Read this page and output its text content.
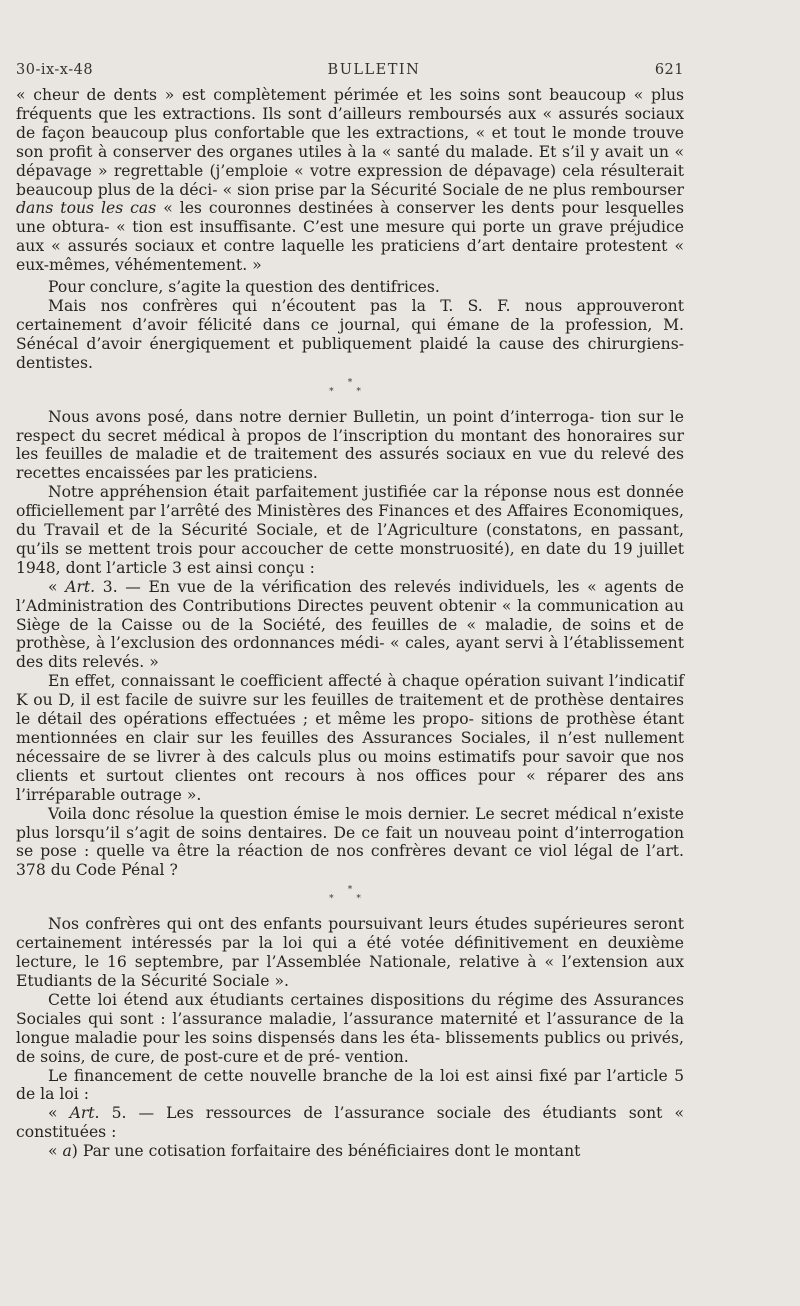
30-ix-x-48	BULLETIN	621

« cheur de dents » est complètement périmée et les soins sont beaucoup « plus fréquents que les extractions. Ils sont d’ailleurs remboursés aux « assurés sociaux de façon beaucoup plus confortable que les extractions, « et tout le monde trouve son profit à conserver des organes utiles à la « santé du malade. Et s’il y avait un « dépavage » regrettable (j’emploie « votre expression de dépavage) cela résulterait beaucoup plus de la déci- « sion prise par la Sécurité Sociale de ne plus rembourser dans tous les cas « les couronnes destinées à conserver les dents pour lesquelles une obtura- « tion est insuffisante. C’est une mesure qui porte un grave préjudice aux « assurés sociaux et contre laquelle les praticiens d’art dentaire protestent « eux-mêmes, véhémentement. »

Pour conclure, s’agite la question des dentifrices.

Mais nos confrères qui n’écoutent pas la T. S. F. nous approuveront certainement d’avoir félicité dans ce journal, qui émane de la profession, M. Sénécal d’avoir énergiquement et publiquement plaidé la cause des chirurgiens-dentistes.

*
* *

Nous avons posé, dans notre dernier Bulletin, un point d’interroga- tion sur le respect du secret médical à propos de l’inscription du montant des honoraires sur les feuilles de maladie et de traitement des assurés sociaux en vue du relevé des recettes encaissées par les praticiens.

Notre appréhension était parfaitement justifiée car la réponse nous est donnée officiellement par l’arrêté des Ministères des Finances et des Affaires Economiques, du Travail et de la Sécurité Sociale, et de l’Agriculture (constatons, en passant, qu’ils se mettent trois pour accoucher de cette monstruosité), en date du 19 juillet 1948, dont l’article 3 est ainsi conçu :

« Art. 3. — En vue de la vérification des relevés individuels, les « agents de l’Administration des Contributions Directes peuvent obtenir « la communication au Siège de la Caisse ou de la Société, des feuilles de « maladie, de soins et de prothèse, à l’exclusion des ordonnances médi- « cales, ayant servi à l’établissement des dits relevés. »

En effet, connaissant le coefficient affecté à chaque opération suivant l’indicatif K ou D, il est facile de suivre sur les feuilles de traitement et de prothèse dentaires le détail des opérations effectuées ; et même les propo- sitions de prothèse étant mentionnées en clair sur les feuilles des Assurances Sociales, il n’est nullement nécessaire de se livrer à des calculs plus ou moins estimatifs pour savoir que nos clients et surtout clientes ont recours à nos offices pour « réparer des ans l’irréparable outrage ».

Voila donc résolue la question émise le mois dernier. Le secret médical n’existe plus lorsqu’il s’agit de soins dentaires. De ce fait un nouveau point d’interrogation se pose : quelle va être la réaction de nos confrères devant ce viol légal de l’art. 378 du Code Pénal ?

*
* *

Nos confrères qui ont des enfants poursuivant leurs études supérieures seront certainement intéressés par la loi qui a été votée définitivement en deuxième lecture, le 16 septembre, par l’Assemblée Nationale, relative à « l’extension aux Etudiants de la Sécurité Sociale ».

Cette loi étend aux étudiants certaines dispositions du régime des Assurances Sociales qui sont : l’assurance maladie, l’assurance maternité et l’assurance de la longue maladie pour les soins dispensés dans les éta- blissements publics ou privés, de soins, de cure, de post-cure et de pré- vention.

Le financement de cette nouvelle branche de la loi est ainsi fixé par l’article 5 de la loi :

« Art. 5. — Les ressources de l’assurance sociale des étudiants sont « constituées :

« a) Par une cotisation forfaitaire des bénéficiaires dont le montant
